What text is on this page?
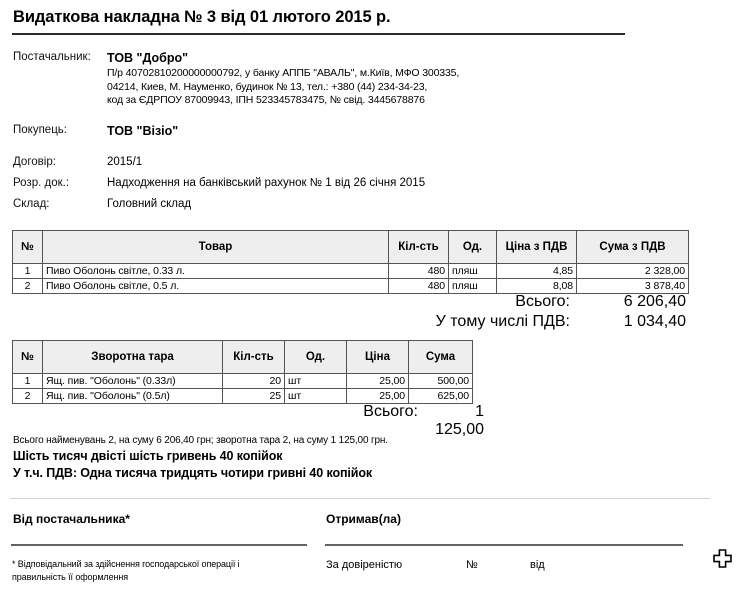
Видаткова накладна № 3 від 01 лютого 2015 р.
Постачальник:	ТОВ "Добро"
П/р 40702810200000000792, у банку АППБ "АВАЛЬ", м.Київ, МФО 300335,
04214, Киев, М. Науменко, будинок № 13, тел.: +380 (44) 234-34-23,
код за ЄДРПОУ 87009943, ІПН 523345783475, № свід. 3445678876
Покупець:	ТОВ "Візіо"
Договір:	2015/1
Розр. док.:	Надходження на банківський рахунок № 1 від 26 січня 2015
Склад:	Головний склад
№	Товар	Кіл-сть	Од.	Ціна з ПДВ	Сума з ПДВ
1	Пиво Оболонь світле, 0.33 л.	480	пляш	4,85	2 328,00
2	Пиво Оболонь світле, 0.5 л.	480	пляш	8,08	3 878,40
Всього:	6 206,40
У тому числі ПДВ:	1 034,40
№	Зворотна тара	Кіл-сть	Од.	Ціна	Сума
1	Ящ. пив. "Оболонь" (0.33л)	20	шт	25,00	500,00
2	Ящ. пив. "Оболонь" (0.5л)	25	шт	25,00	625,00
Всього:	1 125,00
Всього найменувань 2, на суму 6 206,40 грн; зворотна тара 2, на суму 1 125,00 грн.
Шість тисяч двісті шість гривень 40 копійок
У т.ч. ПДВ: Одна тисяча тридцять чотири гривні 40 копійок
Від постачальника*	Отримав(ла)
* Відповідальний за здійснення господарської операції і
правильність її оформлення
За довіреністю	№	від
